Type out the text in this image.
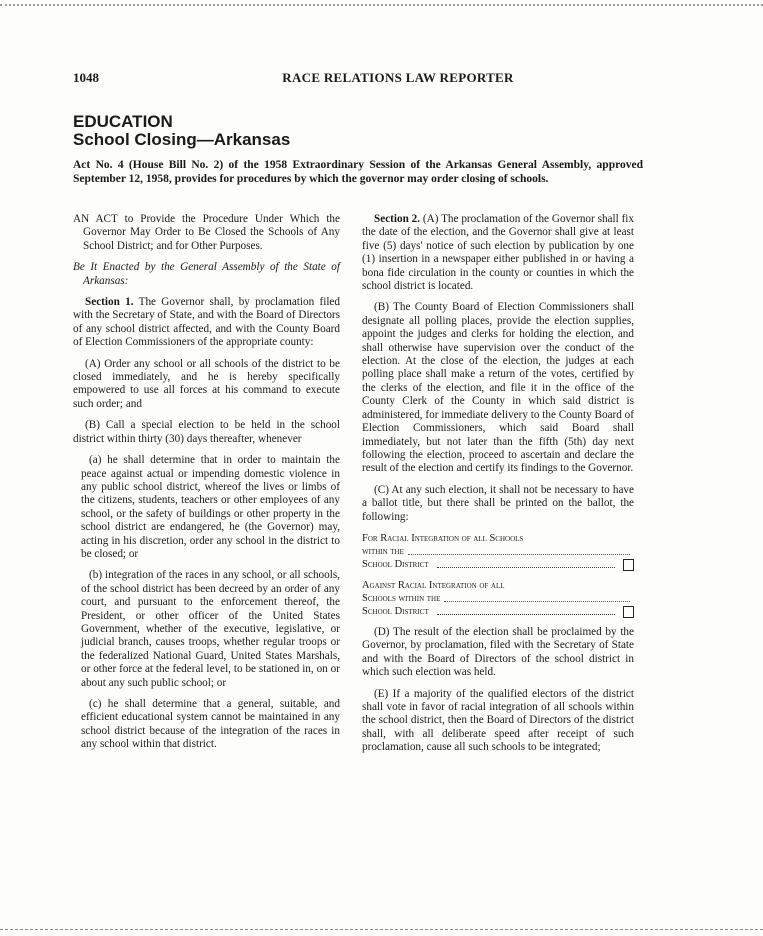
1048	RACE RELATIONS LAW REPORTER
EDUCATION
School Closing—Arkansas
Act No. 4 (House Bill No. 2) of the 1958 Extraordinary Session of the Arkansas General Assembly, approved September 12, 1958, provides for procedures by which the governor may order closing of schools.

AN ACT to Provide the Procedure Under Which the Governor May Order to Be Closed the Schools of Any School District; and for Other Purposes.

Be It Enacted by the General Assembly of the State of Arkansas:

Section 1. The Governor shall, by proclamation filed with the Secretary of State, and with the Board of Directors of any school district affected, and with the County Board of Election Commissioners of the appropriate county:

(A) Order any school or all schools of the district to be closed immediately, and he is hereby specifically empowered to use all forces at his command to execute such order; and

(B) Call a special election to be held in the school district within thirty (30) days thereafter, whenever

(a) he shall determine that in order to maintain the peace against actual or impending domestic violence in any public school district, whereof the lives or limbs of the citizens, students, teachers or other employees of any school, or the safety of buildings or other property in the school district are endangered, he (the Governor) may, acting in his discretion, order any school in the district to be closed; or

(b) integration of the races in any school, or all schools, of the school district has been decreed by an order of any court, and pursuant to the enforcement thereof, the President, or other officer of the United States Government, whether of the executive, legislative, or judicial branch, causes troops, whether regular troops or the federalized National Guard, United States Marshals, or other force at the federal level, to be stationed in, on or about any such public school; or

(c) he shall determine that a general, suitable, and efficient educational system cannot be maintained in any school district because of the integration of the races in any school within that district.

Section 2. (A) The proclamation of the Governor shall fix the date of the election, and the Governor shall give at least five (5) days' notice of such election by publication by one (1) insertion in a newspaper either published in or having a bona fide circulation in the county or counties in which the school district is located.

(B) The County Board of Election Commissioners shall designate all polling places, provide the election supplies, appoint the judges and clerks for holding the election, and shall otherwise have supervision over the conduct of the election. At the close of the election, the judges at each polling place shall make a return of the votes, certified by the clerks of the election, and file it in the office of the County Clerk of the County in which said district is administered, for immediate delivery to the County Board of Election Commissioners, which said Board shall immediately, but not later than the fifth (5th) day next following the election, proceed to ascertain and declare the result of the election and certify its findings to the Governor.

(C) At any such election, it shall not be necessary to have a ballot title, but there shall be printed on the ballot, the following:

For Racial Integration of all Schools
within the
School District
Against Racial Integration of all
Schools within the
School District

(D) The result of the election shall be proclaimed by the Governor, by proclamation, filed with the Secretary of State and with the Board of Directors of the school district in which such election was held.

(E) If a majority of the qualified electors of the district shall vote in favor of racial integration of all schools within the school district, then the Board of Directors of the district shall, with all deliberate speed after receipt of such proclamation, cause all such schools to be integrated;
